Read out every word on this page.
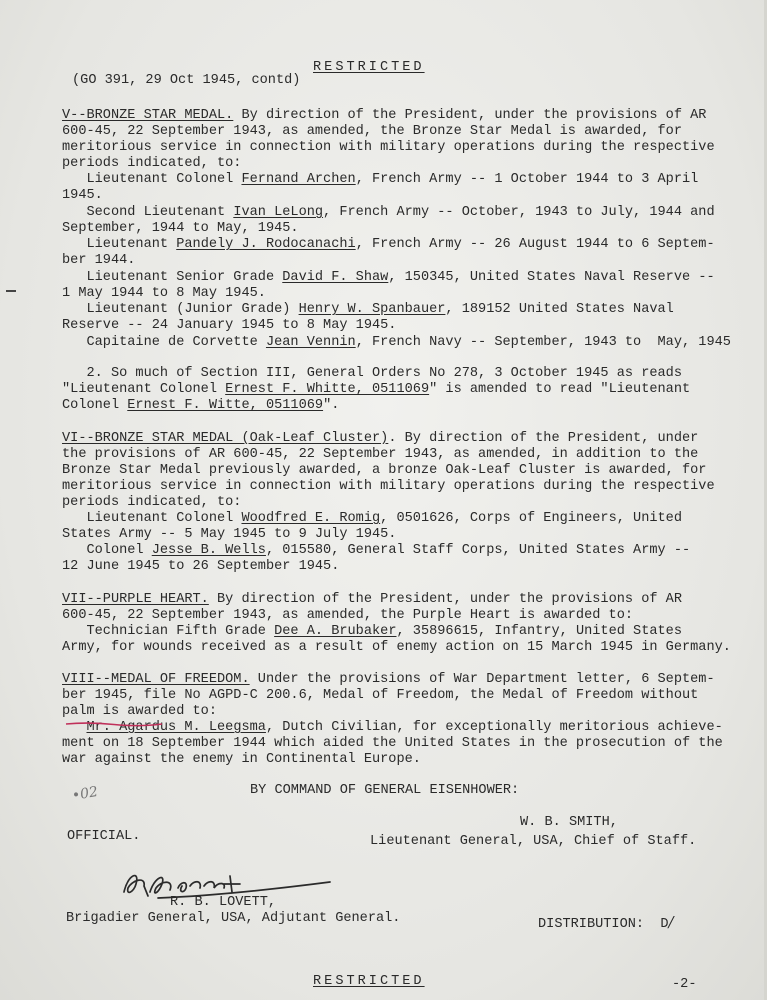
RESTRICTED
(GO 391, 29 Oct 1945, contd)
V--BRONZE STAR MEDAL. By direction of the President, under the provisions of AR
600-45, 22 September 1943, as amended, the Bronze Star Medal is awarded, for
meritorious service in connection with military operations during the respective
periods indicated, to:
Lieutenant Colonel Fernand Archen, French Army -- 1 October 1944 to 3 April
1945.
Second Lieutenant Ivan LeLong, French Army -- October, 1943 to July, 1944 and
September, 1944 to May, 1945.
Lieutenant Pandely J. Rodocanachi, French Army -- 26 August 1944 to 6 Septem-
ber 1944.
Lieutenant Senior Grade David F. Shaw, 150345, United States Naval Reserve --
1 May 1944 to 8 May 1945.
Lieutenant (Junior Grade) Henry W. Spanbauer, 189152 United States Naval
Reserve -- 24 January 1945 to 8 May 1945.
Capitaine de Corvette Jean Vennin, French Navy -- September, 1943 to  May, 1945
2. So much of Section III, General Orders No 278, 3 October 1945 as reads
"Lieutenant Colonel Ernest F. Whitte, 0511069" is amended to read "Lieutenant
Colonel Ernest F. Witte, 0511069".
VI--BRONZE STAR MEDAL (Oak-Leaf Cluster). By direction of the President, under
the provisions of AR 600-45, 22 September 1943, as amended, in addition to the
Bronze Star Medal previously awarded, a bronze Oak-Leaf Cluster is awarded, for
meritorious service in connection with military operations during the respective
periods indicated, to:
Lieutenant Colonel Woodfred E. Romig, 0501626, Corps of Engineers, United
States Army -- 5 May 1945 to 9 July 1945.
Colonel Jesse B. Wells, 015580, General Staff Corps, United States Army --
12 June 1945 to 26 September 1945.
VII--PURPLE HEART. By direction of the President, under the provisions of AR
600-45, 22 September 1943, as amended, the Purple Heart is awarded to:
Technician Fifth Grade Dee A. Brubaker, 35896615, Infantry, United States
Army, for wounds received as a result of enemy action on 15 March 1945 in Germany.
VIII--MEDAL OF FREEDOM. Under the provisions of War Department letter, 6 Septem-
ber 1945, file No AGPD-C 200.6, Medal of Freedom, the Medal of Freedom without
palm is awarded to:
Mr. Agardus M. Leegsma, Dutch Civilian, for exceptionally meritorious achieve-
ment on 18 September 1944 which aided the United States in the prosecution of the
war against the enemy in Continental Europe.
BY COMMAND OF GENERAL EISENHOWER:
•02
W. B. SMITH,
OFFICIAL.	Lieutenant General, USA, Chief of Staff.
R. B. LOVETT,
Brigadier General, USA, Adjutant General.	DISTRIBUTION:  D/
RESTRICTED	-2-
